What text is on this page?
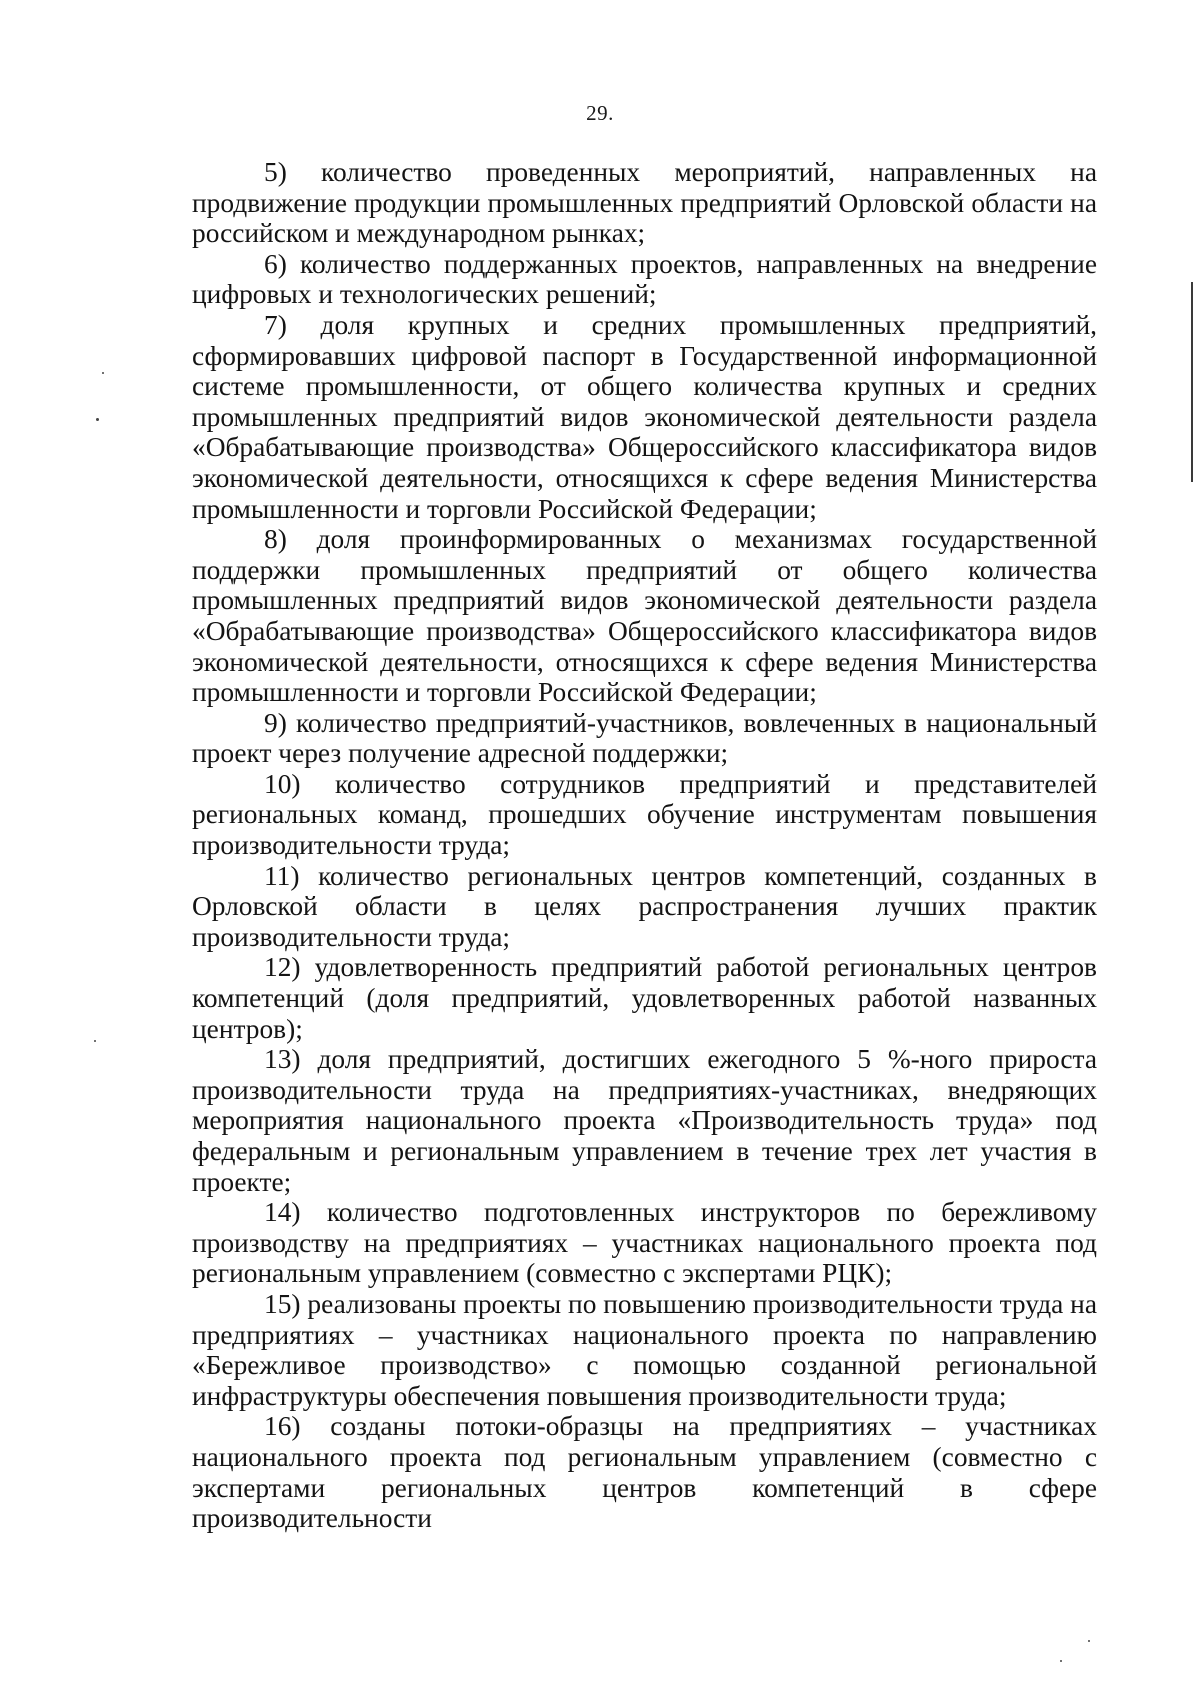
29.

5) количество проведенных мероприятий, направленных на продвижение продукции промышленных предприятий Орловской области на российском и международном рынках;

6) количество поддержанных проектов, направленных на внедрение цифровых и технологических решений;

7) доля крупных и средних промышленных предприятий, сформировавших цифровой паспорт в Государственной информационной системе промышленности, от общего количества крупных и средних промышленных предприятий видов экономической деятельности раздела «Обрабатывающие производства» Общероссийского классификатора видов экономической деятельности, относящихся к сфере ведения Министерства промышленности и торговли Российской Федерации;

8) доля проинформированных о механизмах государственной поддержки промышленных предприятий от общего количества промышленных предприятий видов экономической деятельности раздела «Обрабатывающие производства» Общероссийского классификатора видов экономической деятельности, относящихся к сфере ведения Министерства промышленности и торговли Российской Федерации;

9) количество предприятий-участников, вовлеченных в национальный проект через получение адресной поддержки;

10) количество сотрудников предприятий и представителей региональных команд, прошедших обучение инструментам повышения производительности труда;

11) количество региональных центров компетенций, созданных в Орловской области в целях распространения лучших практик производительности труда;

12) удовлетворенность предприятий работой региональных центров компетенций (доля предприятий, удовлетворенных работой названных центров);

13) доля предприятий, достигших ежегодного 5 %-ного прироста производительности труда на предприятиях-участниках, внедряющих мероприятия национального проекта «Производительность труда» под федеральным и региональным управлением в течение трех лет участия в проекте;

14) количество подготовленных инструкторов по бережливому производству на предприятиях – участниках национального проекта под региональным управлением (совместно с экспертами РЦК);

15) реализованы проекты по повышению производительности труда на предприятиях – участниках национального проекта по направлению «Бережливое производство» с помощью созданной региональной инфраструктуры обеспечения повышения производительности труда;

16) созданы потоки-образцы на предприятиях – участниках национального проекта под региональным управлением (совместно с экспертами региональных центров компетенций в сфере производительности
